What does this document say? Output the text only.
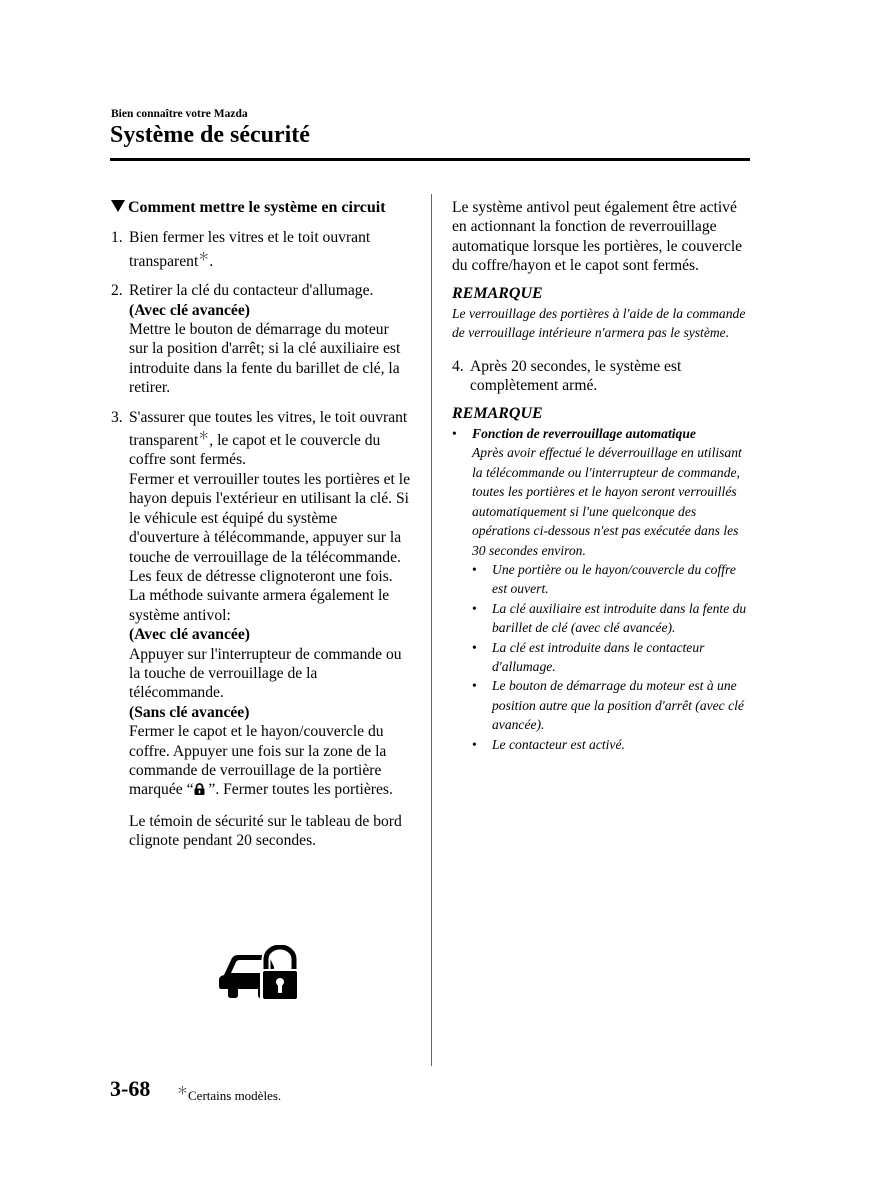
Bien connaître votre Mazda
Système de sécurité
Comment mettre le système en circuit
1. Bien fermer les vitres et le toit ouvrant transparent＊.
2. Retirer la clé du contacteur d'allumage.
(Avec clé avancée)
Mettre le bouton de démarrage du moteur sur la position d'arrêt; si la clé auxiliaire est introduite dans la fente du barillet de clé, la retirer.
3. S'assurer que toutes les vitres, le toit ouvrant transparent＊, le capot et le couvercle du coffre sont fermés.
Fermer et verrouiller toutes les portières et le hayon depuis l'extérieur en utilisant la clé. Si le véhicule est équipé du système d'ouverture à télécommande, appuyer sur la touche de verrouillage de la télécommande. Les feux de détresse clignoteront une fois.
La méthode suivante armera également le système antivol:
(Avec clé avancée)
Appuyer sur l'interrupteur de commande ou la touche de verrouillage de la télécommande.
(Sans clé avancée)
Fermer le capot et le hayon/couvercle du coffre. Appuyer une fois sur la zone de la commande de verrouillage de la portière marquée “ ”. Fermer toutes les portières.
Le témoin de sécurité sur le tableau de bord clignote pendant 20 secondes.
Le système antivol peut également être activé en actionnant la fonction de reverrouillage automatique lorsque les portières, le couvercle du coffre/hayon et le capot sont fermés.
REMARQUE
Le verrouillage des portières à l'aide de la commande de verrouillage intérieure n'armera pas le système.
4. Après 20 secondes, le système est complètement armé.
REMARQUE
•	Fonction de reverrouillage automatique
Après avoir effectué le déverrouillage en utilisant la télécommande ou l'interrupteur de commande, toutes les portières et le hayon seront verrouillés automatiquement si l'une quelconque des opérations ci-dessous n'est pas exécutée dans les 30 secondes environ.
•	Une portière ou le hayon/couvercle du coffre est ouvert.
•	La clé auxiliaire est introduite dans la fente du barillet de clé (avec clé avancée).
•	La clé est introduite dans le contacteur d'allumage.
•	Le bouton de démarrage du moteur est à une position autre que la position d'arrêt (avec clé avancée).
•	Le contacteur est activé.
3-68 ＊Certains modèles.
